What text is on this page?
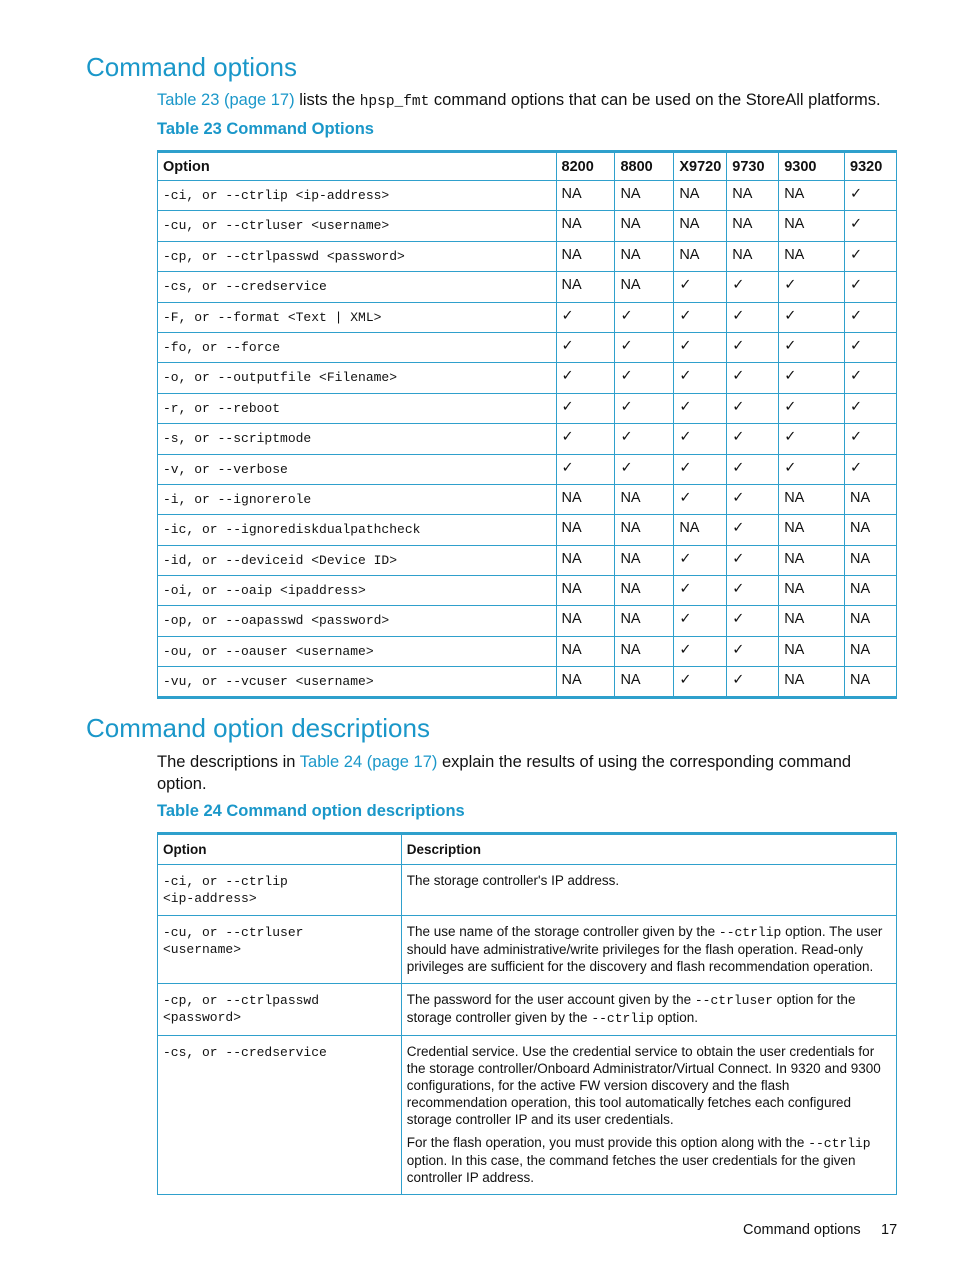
Command options
Table 23 (page 17) lists the hpsp_fmt command options that can be used on the StoreAll platforms.
Table 23 Command Options
Option	8200	8800	X9720	9730	9300	9320
-ci, or --ctrlip <ip-address>	NA	NA	NA	NA	NA	✓
-cu, or --ctrluser <username>	NA	NA	NA	NA	NA	✓
-cp, or --ctrlpasswd <password>	NA	NA	NA	NA	NA	✓
-cs, or --credservice	NA	NA	✓	✓	✓	✓
-F, or --format <Text | XML>	✓	✓	✓	✓	✓	✓
-fo, or --force	✓	✓	✓	✓	✓	✓
-o, or --outputfile <Filename>	✓	✓	✓	✓	✓	✓
-r, or --reboot	✓	✓	✓	✓	✓	✓
-s, or --scriptmode	✓	✓	✓	✓	✓	✓
-v, or --verbose	✓	✓	✓	✓	✓	✓
-i, or --ignorerole	NA	NA	✓	✓	NA	NA
-ic, or --ignorediskdualpathcheck	NA	NA	NA	✓	NA	NA
-id, or --deviceid <Device ID>	NA	NA	✓	✓	NA	NA
-oi, or --oaip <ipaddress>	NA	NA	✓	✓	NA	NA
-op, or --oapasswd <password>	NA	NA	✓	✓	NA	NA
-ou, or --oauser <username>	NA	NA	✓	✓	NA	NA
-vu, or --vcuser <username>	NA	NA	✓	✓	NA	NA
Command option descriptions
The descriptions in Table 24 (page 17) explain the results of using the corresponding command option.
Table 24 Command option descriptions
Option	Description

-ci, or --ctrlip
<ip-address>	The storage controller's IP address.

-cu, or --ctrluser
<username>	The use name of the storage controller given by the --ctrlip option. The user should have administrative/write privileges for the flash operation. Read-only privileges are sufficient for the discovery and flash recommendation operation.

-cp, or --ctrlpasswd
<password>	The password for the user account given by the --ctrluser option for the storage controller given by the --ctrlip option.

-cs, or --credservice	Credential service. Use the credential service to obtain the user credentials for the storage controller/Onboard Administrator/Virtual Connect. In 9320 and 9300 configurations, for the active FW version discovery and the flash recommendation operation, this tool automatically fetches each configured storage controller IP and its user credentials.

For the flash operation, you must provide this option along with the --ctrlip option. In this case, the command fetches the user credentials for the given controller IP address.

Command options 17
